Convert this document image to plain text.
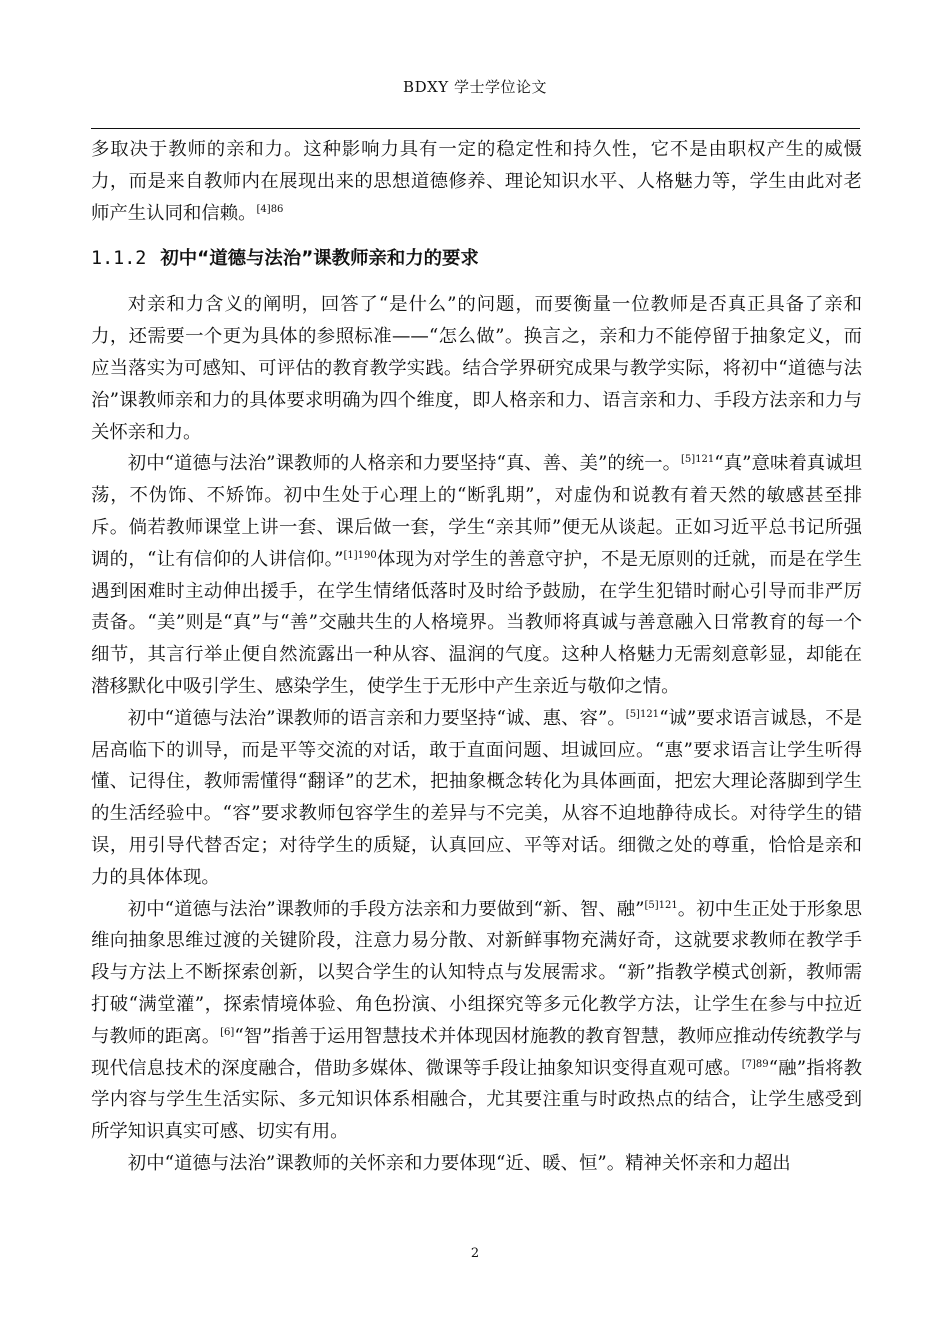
BDXY 学士学位论文

多取决于教师的亲和力。这种影响力具有一定的稳定性和持久性，它不是由职权产生的威慑力，而是来自教师内在展现出来的思想道德修养、理论知识水平、人格魅力等，学生由此对老师产生认同和信赖。$^{[4]86}$

1.1.2 初中“道德与法治”课教师亲和力的要求

对亲和力含义的阐明，回答了“是什么”的问题，而要衡量一位教师是否真正具备了亲和力，还需要一个更为具体的参照标准——“怎么做”。换言之，亲和力不能停留于抽象定义，而应当落实为可感知、可评估的教育教学实践。结合学界研究成果与教学实际，将初中“道德与法治”课教师亲和力的具体要求明确为四个维度，即人格亲和力、语言亲和力、手段方法亲和力与关怀亲和力。

初中“道德与法治”课教师的人格亲和力要坚持“真、善、美”的统一。$^{[5]121}$“真”意味着真诚坦荡，不伪饰、不矫饰。初中生处于心理上的“断乳期”，对虚伪和说教有着天然的敏感甚至排斥。倘若教师课堂上讲一套、课后做一套，学生“亲其师”便无从谈起。正如习近平总书记所强调的，“让有信仰的人讲信仰。”$^{[1]190}$体现为对学生的善意守护，不是无原则的迁就，而是在学生遇到困难时主动伸出援手，在学生情绪低落时及时给予鼓励，在学生犯错时耐心引导而非严厉责备。“美”则是“真”与“善”交融共生的人格境界。当教师将真诚与善意融入日常教育的每一个细节，其言行举止便自然流露出一种从容、温润的气度。这种人格魅力无需刻意彰显，却能在潜移默化中吸引学生、感染学生，使学生于无形中产生亲近与敬仰之情。

初中“道德与法治”课教师的语言亲和力要坚持“诚、惠、容”。$^{[5]121}$“诚”要求语言诚恳，不是居高临下的训导，而是平等交流的对话，敢于直面问题、坦诚回应。“惠”要求语言让学生听得懂、记得住，教师需懂得“翻译”的艺术，把抽象概念转化为具体画面，把宏大理论落脚到学生的生活经验中。“容”要求教师包容学生的差异与不完美，从容不迫地静待成长。对待学生的错误，用引导代替否定；对待学生的质疑，认真回应、平等对话。细微之处的尊重，恰恰是亲和力的具体体现。

初中“道德与法治”课教师的手段方法亲和力要做到“新、智、融”$^{[5]121}$。初中生正处于形象思维向抽象思维过渡的关键阶段，注意力易分散、对新鲜事物充满好奇，这就要求教师在教学手段与方法上不断探索创新，以契合学生的认知特点与发展需求。“新”指教学模式创新，教师需打破“满堂灌”，探索情境体验、角色扮演、小组探究等多元化教学方法，让学生在参与中拉近与教师的距离。[6]“智”指善于运用智慧技术并体现因材施教的教育智慧，教师应推动传统教学与现代信息技术的深度融合，借助多媒体、微课等手段让抽象知识变得直观可感。$^{[7]89}$“融”指将教学内容与学生生活实际、多元知识体系相融合，尤其要注重与时政热点的结合，让学生感受到所学知识真实可感、切实有用。

初中“道德与法治”课教师的关怀亲和力要体现“近、暖、恒”。精神关怀亲和力超出

2
